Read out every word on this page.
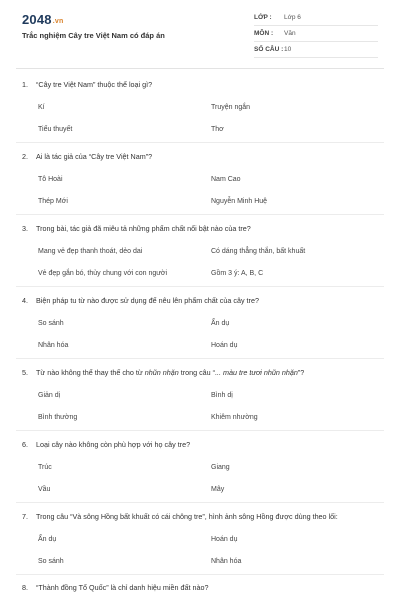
2048.vn
Trắc nghiệm Cây tre Việt Nam có đáp án
LỚP :	Lớp 6
MÔN :	Văn
SỐ CÂU : 10
1. “Cây tre Việt Nam” thuộc thể loại gì?
Kí	Truyện ngắn
Tiểu thuyết	Thơ
2. Ai là tác giả của “Cây tre Việt Nam”?
Tô Hoài	Nam Cao
Thép Mới	Nguyễn Minh Huệ
3. Trong bài, tác giả đã miêu tả những phẩm chất nổi bật nào của tre?
Mang vẻ đẹp thanh thoát, dẻo dai	Có dáng thẳng thắn, bất khuất
Vẻ đẹp gắn bó, thủy chung với con người	Gồm 3 ý: A, B, C
4. Biện pháp tu từ nào được sử dụng để nêu lên phẩm chất của cây tre?
So sánh	Ẩn dụ
Nhân hóa	Hoán dụ
5. Từ nào không thể thay thế cho từ nhũn nhặn trong câu “... màu tre tươi nhũn nhặn”?
Giản dị	Bình dị
Bình thường	Khiêm nhường
6. Loại cây nào không còn phù hợp với họ cây tre?
Trúc	Giang
Vầu	Mây
7. Trong câu “Và sông Hồng bất khuất có cái chông tre”, hình ảnh sông Hồng được dùng theo lối:
Ẩn dụ	Hoán dụ
So sánh	Nhân hóa
8. “Thành đồng Tổ Quốc” là chỉ danh hiệu miền đất nào?
